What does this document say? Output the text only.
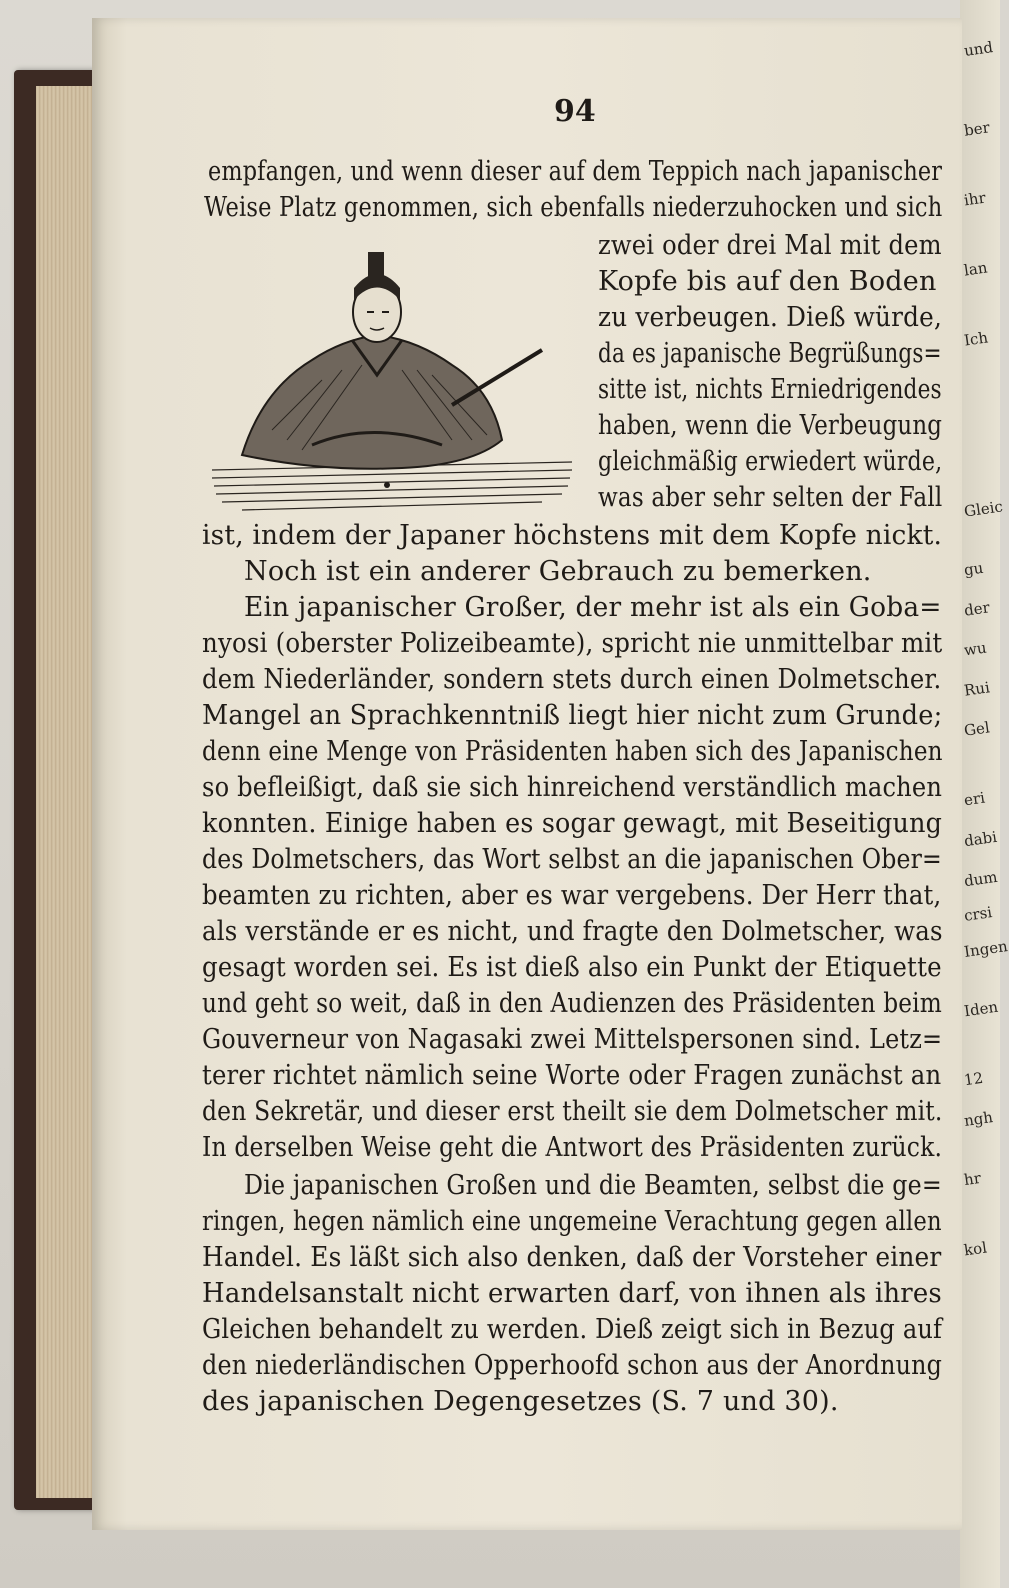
und
ber
ihr
lan
Ich
Gleic
gu
der
wu
Rui
Gel
eri
dabi
dum
crsi
Ingen
Iden
12
ngh
hr
kol
94
empfangen, und wenn dieser auf dem Teppich nach japanischer
Weise Platz genommen, sich ebenfalls niederzuhocken und sich
zwei oder drei Mal mit dem
Kopfe bis auf den Boden
zu verbeugen. Dieß würde,
da es japanische Begrüßungs=
sitte ist, nichts Erniedrigendes
haben, wenn die Verbeugung
gleichmäßig erwiedert würde,
was aber sehr selten der Fall
ist, indem der Japaner höchstens mit dem Kopfe nickt.
Noch ist ein anderer Gebrauch zu bemerken.
Ein japanischer Großer, der mehr ist als ein Goba=
nyosi (oberster Polizeibeamte), spricht nie unmittelbar mit
dem Niederländer, sondern stets durch einen Dolmetscher.
Mangel an Sprachkenntniß liegt hier nicht zum Grunde;
denn eine Menge von Präsidenten haben sich des Japanischen
so befleißigt, daß sie sich hinreichend verständlich machen
konnten. Einige haben es sogar gewagt, mit Beseitigung
des Dolmetschers, das Wort selbst an die japanischen Ober=
beamten zu richten, aber es war vergebens. Der Herr that,
als verstände er es nicht, und fragte den Dolmetscher, was
gesagt worden sei. Es ist dieß also ein Punkt der Etiquette
und geht so weit, daß in den Audienzen des Präsidenten beim
Gouverneur von Nagasaki zwei Mittelspersonen sind. Letz=
terer richtet nämlich seine Worte oder Fragen zunächst an
den Sekretär, und dieser erst theilt sie dem Dolmetscher mit.
In derselben Weise geht die Antwort des Präsidenten zurück.
Die japanischen Großen und die Beamten, selbst die ge=
ringen, hegen nämlich eine ungemeine Verachtung gegen allen
Handel. Es läßt sich also denken, daß der Vorsteher einer
Handelsanstalt nicht erwarten darf, von ihnen als ihres
Gleichen behandelt zu werden. Dieß zeigt sich in Bezug auf
den niederländischen Opperhoofd schon aus der Anordnung
des japanischen Degengesetzes (S. 7 und 30).
